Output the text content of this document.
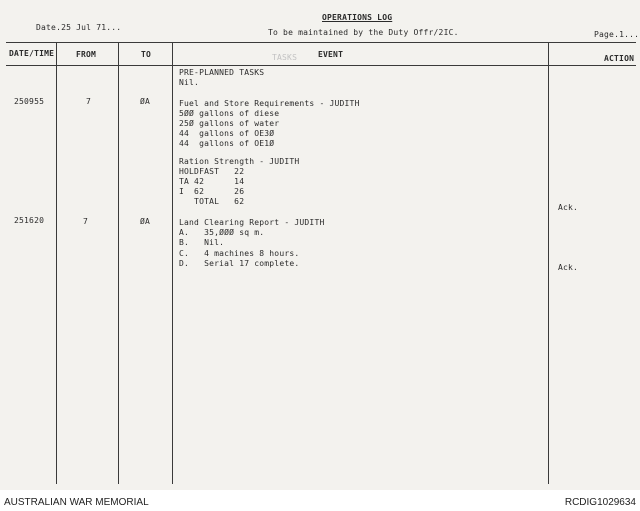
OPERATIONS LOG
Date.25 Jul 71...
To be maintained by the Duty Offr/2IC.	Page.1...
DATE/TIME	FROM	TO	TASKS	EVENT	ACTION
PRE-PLANNED TASKS
Nil.
250955	7	ØA	Fuel and Store Requirements - JUDITH
5ØØ gallons of diese
25Ø gallons of water
44  gallons of OE3Ø
44  gallons of OE1Ø
Ration Strength - JUDITH
HOLDFAST   22
TA 42      14
I  62      26
TOTAL   62
Ack.
251620	7	ØA	Land Clearing Report - JUDITH
A.   35,ØØØ sq m.
B.   Nil.
C.   4 machines 8 hours.
D.   Serial 17 complete.	Ack.
AUSTRALIAN WAR MEMORIAL	RCDIG1029634
